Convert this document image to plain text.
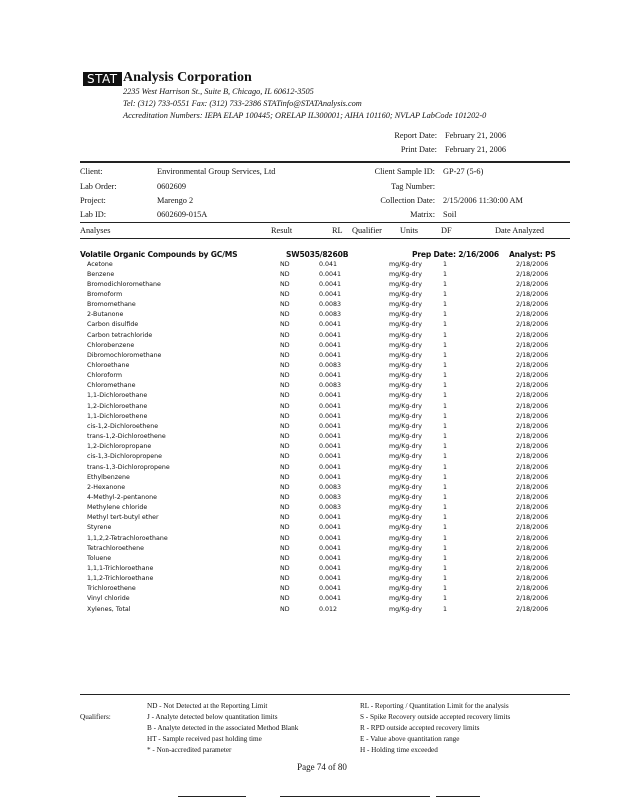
STAT Analysis Corporation
2235 West Harrison St., Suite B, Chicago, IL 60612-3505
Tel: (312) 733-0551 Fax: (312) 733-2386 STATinfo@STATAnalysis.com
Accreditation Numbers: IEPA ELAP 100445; ORELAP IL300001; AIHA 101160; NVLAP LabCode 101202-0
Report Date: February 21, 2006
Print Date: February 21, 2006
Client:	Environmental Group Services, Ltd
Lab Order:	0602609
Project:	Marengo 2
Lab ID:	0602609-015A
Client Sample ID: GP-27 (5-6)
Tag Number:
Collection Date: 2/15/2006 11:30:00 AM
Matrix: Soil
Analyses	Result	RL Qualifier Units	DF	Date Analyzed
Volatile Organic Compounds by GC/MS	SW5035/8260B	Prep Date: 2/16/2006 Analyst: PS
Acetone	ND	0.041	mg/Kg-dry	1	2/18/2006
Benzene	ND	0.0041	mg/Kg-dry	1	2/18/2006
Bromodichloromethane	ND	0.0041	mg/Kg-dry	1	2/18/2006
Bromoform	ND	0.0041	mg/Kg-dry	1	2/18/2006
Bromomethane	ND	0.0083	mg/Kg-dry	1	2/18/2006
2-Butanone	ND	0.0083	mg/Kg-dry	1	2/18/2006
Carbon disulfide	ND	0.0041	mg/Kg-dry	1	2/18/2006
Carbon tetrachloride	ND	0.0041	mg/Kg-dry	1	2/18/2006
Chlorobenzene	ND	0.0041	mg/Kg-dry	1	2/18/2006
Dibromochloromethane	ND	0.0041	mg/Kg-dry	1	2/18/2006
Chloroethane	ND	0.0083	mg/Kg-dry	1	2/18/2006
Chloroform	ND	0.0041	mg/Kg-dry	1	2/18/2006
Chloromethane	ND	0.0083	mg/Kg-dry	1	2/18/2006
1,1-Dichloroethane	ND	0.0041	mg/Kg-dry	1	2/18/2006
1,2-Dichloroethane	ND	0.0041	mg/Kg-dry	1	2/18/2006
1,1-Dichloroethene	ND	0.0041	mg/Kg-dry	1	2/18/2006
cis-1,2-Dichloroethene	ND	0.0041	mg/Kg-dry	1	2/18/2006
trans-1,2-Dichloroethene	ND	0.0041	mg/Kg-dry	1	2/18/2006
1,2-Dichloropropane	ND	0.0041	mg/Kg-dry	1	2/18/2006
cis-1,3-Dichloropropene	ND	0.0041	mg/Kg-dry	1	2/18/2006
trans-1,3-Dichloropropene	ND	0.0041	mg/Kg-dry	1	2/18/2006
Ethylbenzene	ND	0.0041	mg/Kg-dry	1	2/18/2006
2-Hexanone	ND	0.0083	mg/Kg-dry	1	2/18/2006
4-Methyl-2-pentanone	ND	0.0083	mg/Kg-dry	1	2/18/2006
Methylene chloride	ND	0.0083	mg/Kg-dry	1	2/18/2006
Methyl tert-butyl ether	ND	0.0041	mg/Kg-dry	1	2/18/2006
Styrene	ND	0.0041	mg/Kg-dry	1	2/18/2006
1,1,2,2-Tetrachloroethane	ND	0.0041	mg/Kg-dry	1	2/18/2006
Tetrachloroethene	ND	0.0041	mg/Kg-dry	1	2/18/2006
Toluene	ND	0.0041	mg/Kg-dry	1	2/18/2006
1,1,1-Trichloroethane	ND	0.0041	mg/Kg-dry	1	2/18/2006
1,1,2-Trichloroethane	ND	0.0041	mg/Kg-dry	1	2/18/2006
Trichloroethene	ND	0.0041	mg/Kg-dry	1	2/18/2006
Vinyl chloride	ND	0.0041	mg/Kg-dry	1	2/18/2006
Xylenes, Total	ND	0.012	mg/Kg-dry	1	2/18/2006
Qualifiers:
ND - Not Detected at the Reporting Limit
J - Analyte detected below quantitation limits
B - Analyte detected in the associated Method Blank
HT - Sample received past holding time
* - Non-accredited parameter
RL - Reporting / Quantitation Limit for the analysis
S - Spike Recovery outside accepted recovery limits
R - RPD outside accepted recovery limits
E - Value above quantitation range
H - Holding time exceeded
Page 74 of 80
